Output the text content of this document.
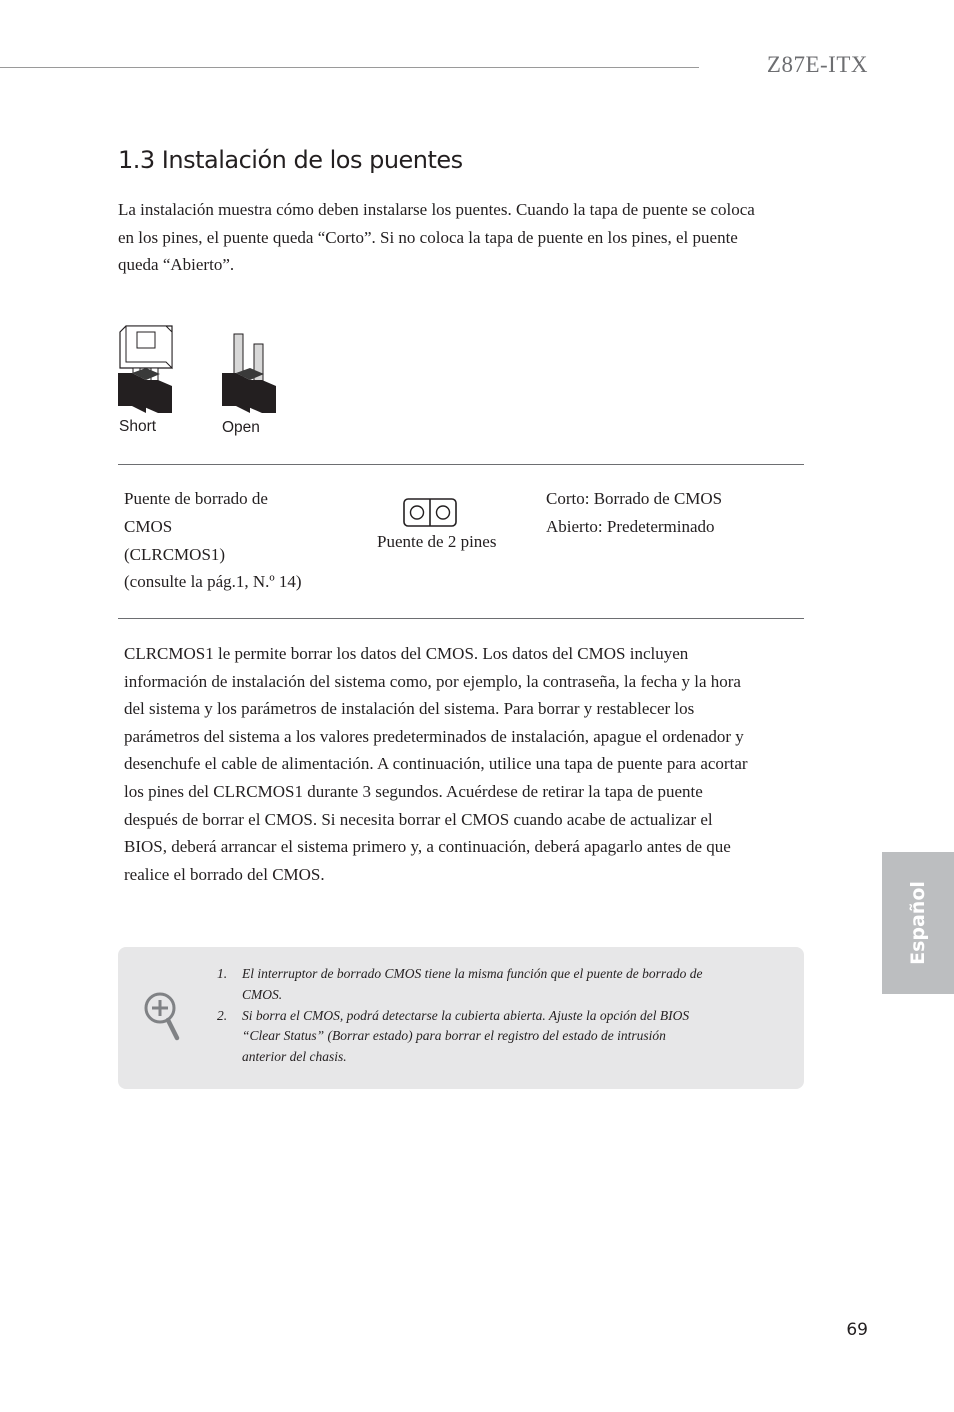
Z87E-ITX
1.3 Instalación de los puentes

La instalación muestra cómo deben instalarse los puentes. Cuando la tapa de puente se coloca en los pines, el puente queda “Corto”. Si no coloca la tapa de puente en los pines, el puente queda “Abierto”.

Short	Open
Puente de borrado de
CMOS
(CLRCMOS1)
(consulte la pág.1, N.º 14)
Puente de 2 pines
Corto: Borrado de CMOS
Abierto: Predeterminado

CLRCMOS1 le permite borrar los datos del CMOS. Los datos del CMOS incluyen información de instalación del sistema como, por ejemplo, la contraseña, la fecha y la hora del sistema y los parámetros de instalación del sistema. Para borrar y restablecer los parámetros del sistema a los valores predeterminados de instalación, apague el ordenador y desenchufe el cable de alimentación. A continuación, utilice una tapa de puente para acortar los pines del CLRCMOS1 durante 3 segundos. Acuérdese de retirar la tapa de puente después de borrar el CMOS. Si necesita borrar el CMOS cuando acabe de actualizar el BIOS, deberá arrancar el sistema primero y, a continuación, deberá apagarlo antes de que realice el borrado del CMOS.

1. El interruptor de borrado CMOS tiene la misma función que el puente de borrado de CMOS.
2. Si borra el CMOS, podrá detectarse la cubierta abierta. Ajuste la opción del BIOS “Clear Status” (Borrar estado) para borrar el registro del estado de intrusión anterior del chasis.
Español
69
